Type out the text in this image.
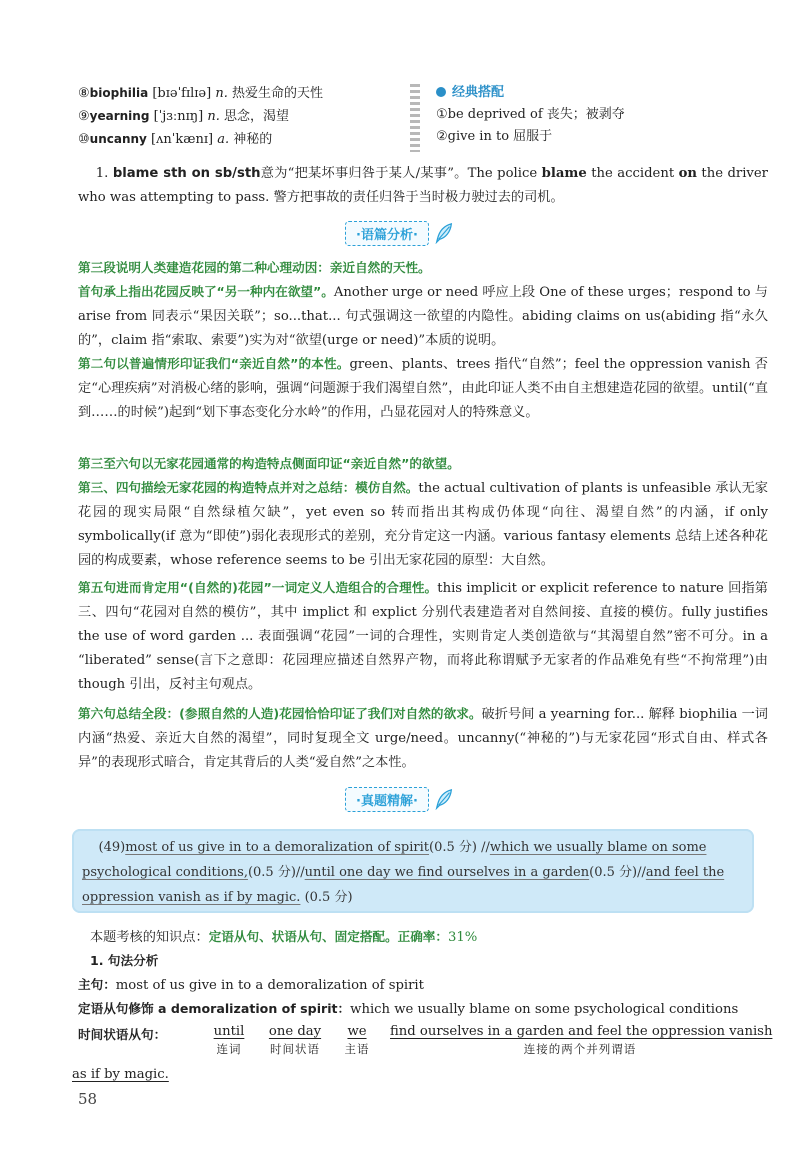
⑧biophilia [bɪəˈfɪlɪə] n. 热爱生命的天性
⑨yearning [ˈjɜːnɪŋ] n. 思念，渴望
⑩uncanny [ʌnˈkænɪ] a. 神秘的
经典搭配
①be deprived of 丧失；被剥夺
②give in to 屈服于
1. blame sth on sb/sth意为“把某坏事归咎于某人/某事”。The police blame the accident on the driver who was attempting to pass. 警方把事故的责任归咎于当时极力驶过去的司机。
·语篇分析·
第三段说明人类建造花园的第二种心理动因：亲近自然的天性。
首句承上指出花园反映了“另一种内在欲望”。Another urge or need 呼应上段 One of these urges；respond to 与 arise from 同表示“果因关联”；so...that... 句式强调这一欲望的内隐性。abiding claims on us(abiding 指“永久的”，claim 指“索取、索要”)实为对“欲望(urge or need)”本质的说明。
第二句以普遍情形印证我们“亲近自然”的本性。green、plants、trees 指代“自然”；feel the oppression vanish 否定“心理疾病”对消极心绪的影响，强调“问题源于我们渴望自然”，由此印证人类不由自主想建造花园的欲望。until(“直到……的时候”)起到“划下事态变化分水岭”的作用，凸显花园对人的特殊意义。
第三至六句以无家花园通常的构造特点侧面印证“亲近自然”的欲望。
第三、四句描绘无家花园的构造特点并对之总结：模仿自然。the actual cultivation of plants is unfeasible 承认无家花园的现实局限“自然绿植欠缺”，yet even so 转而指出其构成仍体现“向往、渴望自然”的内涵，if only symbolically(if 意为“即使”)弱化表现形式的差别，充分肯定这一内涵。various fantasy elements 总结上述各种花园的构成要素，whose reference seems to be 引出无家花园的原型：大自然。
第五句进而肯定用“(自然的)花园”一词定义人造组合的合理性。this implicit or explicit reference to nature 回指第三、四句“花园对自然的模仿”，其中 implict 和 explict 分别代表建造者对自然间接、直接的模仿。fully justifies the use of word garden ... 表面强调“花园”一词的合理性，实则肯定人类创造欲与“其渴望自然”密不可分。in a “liberated” sense(言下之意即：花园理应描述自然界产物，而将此称谓赋予无家者的作品难免有些“不拘常理”)由 though 引出，反衬主句观点。
第六句总结全段：(参照自然的人造)花园恰恰印证了我们对自然的欲求。破折号间 a yearning for... 解释 biophilia 一词内涵“热爱、亲近大自然的渴望”，同时复现全文 urge/need。uncanny(“神秘的”)与无家花园“形式自由、样式各异”的表现形式暗合，肯定其背后的人类“爱自然”之本性。
·真题精解·
(49)most of us give in to a demoralization of spirit(0.5 分) //which we usually blame on some psychological conditions,(0.5 分)//until one day we find ourselves in a garden(0.5 分)//and feel the oppression vanish as if by magic. (0.5 分)
本题考核的知识点：定语从句、状语从句、固定搭配。正确率：31%
1. 句法分析
主句：most of us give in to a demoralization of spirit
定语从句修饰 a demoralization of spirit：which we usually blame on some psychological conditions
时间状语从句：	until
连词
one day
时间状语
we
主语
find ourselves in a garden and feel the oppression vanish
连接的两个并列谓语
as if by magic.
58
